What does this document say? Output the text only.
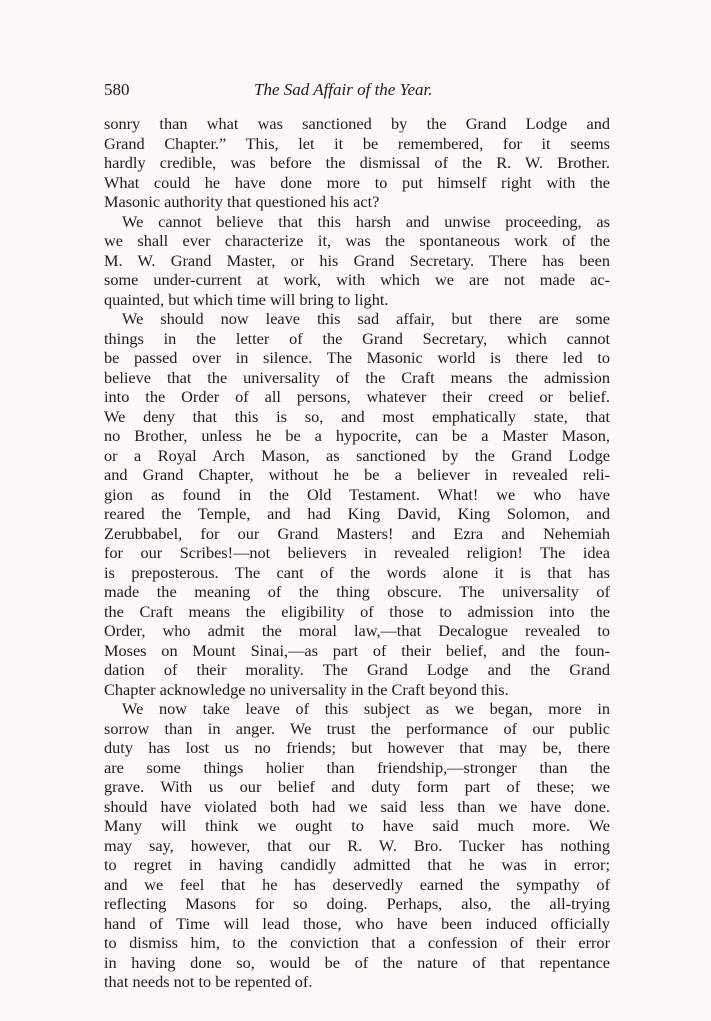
580	The Sad Affair of the Year.

sonry than what was sanctioned by the Grand Lodge and

Grand Chapter.” This, let it be remembered, for it seems

hardly credible, was before the dismissal of the R. W. Brother.

What could he have done more to put himself right with the

Masonic authority that questioned his act?

We cannot believe that this harsh and unwise proceeding, as

we shall ever characterize it, was the spontaneous work of the

M. W. Grand Master, or his Grand Secretary. There has been

some under-current at work, with which we are not made ac-

quainted, but which time will bring to light.

We should now leave this sad affair, but there are some

things in the letter of the Grand Secretary, which cannot

be passed over in silence. The Masonic world is there led to

believe that the universality of the Craft means the admission

into the Order of all persons, whatever their creed or belief.

We deny that this is so, and most emphatically state, that

no Brother, unless he be a hypocrite, can be a Master Mason,

or a Royal Arch Mason, as sanctioned by the Grand Lodge

and Grand Chapter, without he be a believer in revealed reli-

gion as found in the Old Testament. What! we who have

reared the Temple, and had King David, King Solomon, and

Zerubbabel, for our Grand Masters! and Ezra and Nehemiah

for our Scribes!—not believers in revealed religion! The idea

is preposterous. The cant of the words alone it is that has

made the meaning of the thing obscure. The universality of

the Craft means the eligibility of those to admission into the

Order, who admit the moral law,—that Decalogue revealed to

Moses on Mount Sinai,—as part of their belief, and the foun-

dation of their morality. The Grand Lodge and the Grand

Chapter acknowledge no universality in the Craft beyond this.

We now take leave of this subject as we began, more in

sorrow than in anger. We trust the performance of our public

duty has lost us no friends; but however that may be, there

are some things holier than friendship,—stronger than the

grave. With us our belief and duty form part of these; we

should have violated both had we said less than we have done.

Many will think we ought to have said much more. We

may say, however, that our R. W. Bro. Tucker has nothing

to regret in having candidly admitted that he was in error;

and we feel that he has deservedly earned the sympathy of

reflecting Masons for so doing. Perhaps, also, the all-trying

hand of Time will lead those, who have been induced officially

to dismiss him, to the conviction that a confession of their error

in having done so, would be of the nature of that repentance

that needs not to be repented of.
